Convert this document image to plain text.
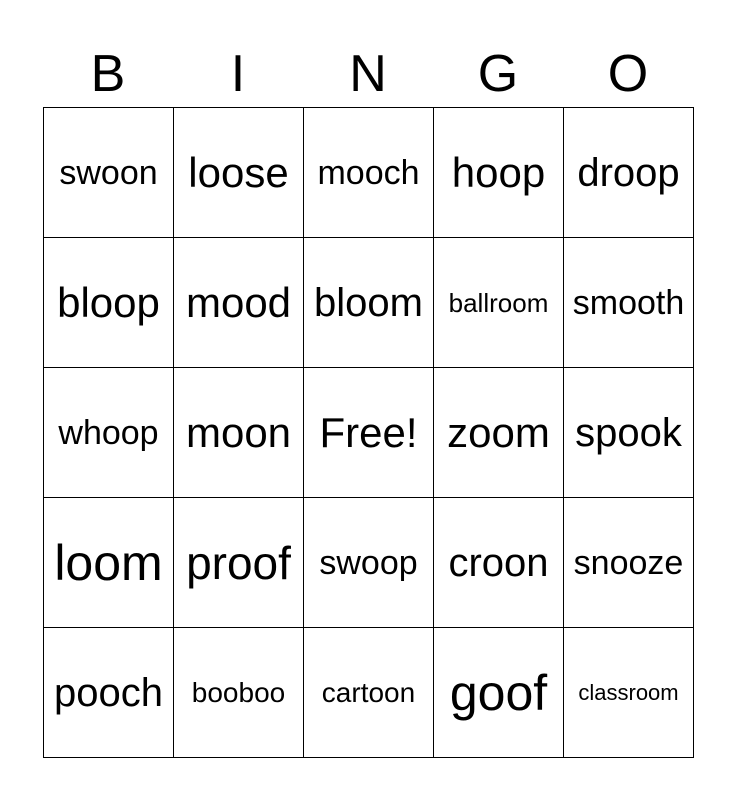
B	I	N	G	O
swoon loose mooch hoop droop
bloop mood bloom ballroom smooth
whoop moon Free! zoom spook
loom proof swoop croon snooze
pooch	booboo	cartoon goof	classroom
